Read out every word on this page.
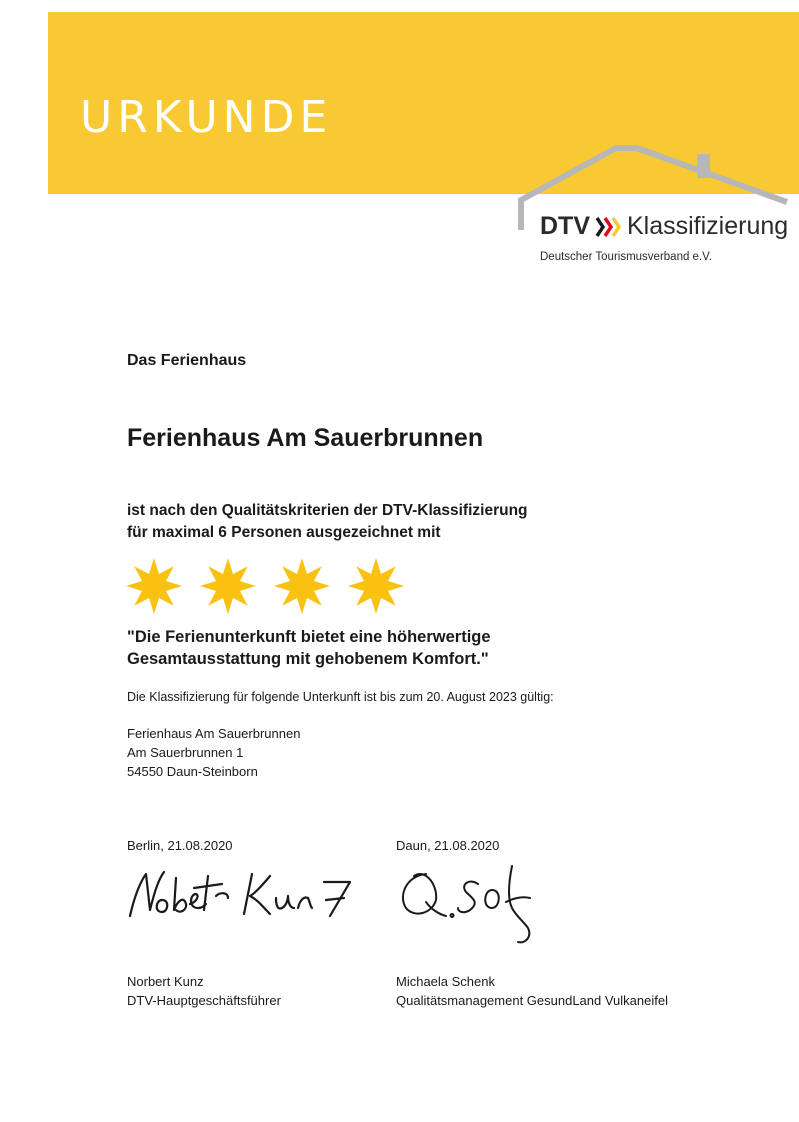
URKUNDE
DTV Klassifizierung
Deutscher Tourismusverband e.V.
Das Ferienhaus
Ferienhaus Am Sauerbrunnen
ist nach den Qualitätskriterien der DTV-Klassifizierung
für maximal 6 Personen ausgezeichnet mit
"Die Ferienunterkunft bietet eine höherwertige
Gesamtausstattung mit gehobenem Komfort."
Die Klassifizierung für folgende Unterkunft ist bis zum 20. August 2023 gültig:
Ferienhaus Am Sauerbrunnen
Am Sauerbrunnen 1
54550 Daun-Steinborn
Berlin, 21.08.2020	Daun, 21.08.2020
Norbert Kunz
DTV-Hauptgeschäftsführer
Michaela Schenk
Qualitätsmanagement GesundLand Vulkaneifel
